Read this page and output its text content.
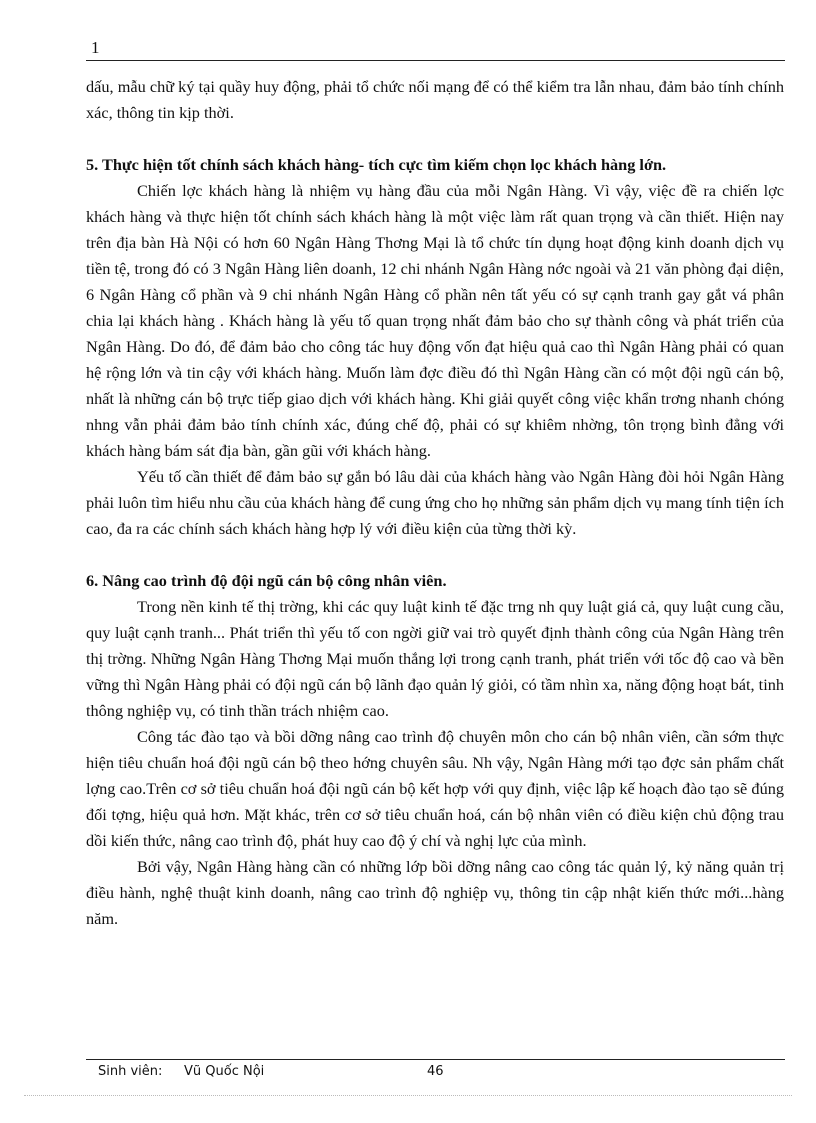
1

dấu, mẫu chữ ký tại quầy huy động, phải tổ chức nối mạng để có thể kiểm tra lẫn nhau, đảm bảo tính chính xác, thông tin kịp thời.

5. Thực hiện tốt chính sách khách hàng- tích cực tìm kiếm chọn lọc khách hàng lớn.

Chiến lợc khách hàng là nhiệm vụ hàng đầu của mỗi Ngân Hàng. Vì vậy, việc đề ra chiến lợc khách hàng và thực hiện tốt chính sách khách hàng là một việc làm rất quan trọng và cần thiết. Hiện nay trên địa bàn Hà Nội có hơn 60 Ngân Hàng Thơng Mại là tổ chức tín dụng hoạt động kinh doanh dịch vụ tiền tệ, trong đó có 3 Ngân Hàng liên doanh, 12 chi nhánh Ngân Hàng nớc ngoài và 21 văn phòng đại diện, 6 Ngân Hàng cổ phần và 9 chi nhánh Ngân Hàng cổ phần nên tất yếu có sự cạnh tranh gay gắt vá phân chia lại khách hàng . Khách hàng là yếu tố quan trọng nhất đảm bảo cho sự thành công và phát triển của Ngân Hàng. Do đó, để đảm bảo cho công tác huy động vốn đạt hiệu quả cao thì Ngân Hàng phải có quan hệ rộng lớn và tin cậy với khách hàng. Muốn làm đợc điều đó thì Ngân Hàng cần có một đội ngũ cán bộ, nhất là những cán bộ trực tiếp giao dịch với khách hàng. Khi giải quyết công việc khẩn trơng nhanh chóng nhng vẫn phải đảm bảo tính chính xác, đúng chế độ, phải có sự khiêm nhờng, tôn trọng bình đẳng với khách hàng bám sát địa bàn, gần gũi với khách hàng.

Yếu tố cần thiết để đảm bảo sự gắn bó lâu dài của khách hàng vào Ngân Hàng đòi hỏi Ngân Hàng phải luôn tìm hiểu nhu cầu của khách hàng để cung ứng cho họ những sản phẩm dịch vụ mang tính tiện ích cao, đa ra các chính sách khách hàng hợp lý với điều kiện của từng thời kỳ.

6. Nâng cao trình độ đội ngũ cán bộ công nhân viên.

Trong nền kinh tế thị trờng, khi các quy luật kinh tế đặc trng nh quy luật giá cả, quy luật cung cầu, quy luật cạnh tranh... Phát triển thì yếu tố con ngời giữ vai trò quyết định thành công của Ngân Hàng trên thị trờng. Những Ngân Hàng Thơng Mại muốn thắng lợi trong cạnh tranh, phát triển với tốc độ cao và bền vững thì Ngân Hàng phải có đội ngũ cán bộ lãnh đạo quản lý giỏi, có tầm nhìn xa, năng động hoạt bát, tinh thông nghiệp vụ, có tinh thần trách nhiệm cao.

Công tác đào tạo và bồi dỡng nâng cao trình độ chuyên môn cho cán bộ nhân viên, cần sớm thực hiện tiêu chuẩn hoá đội ngũ cán bộ theo hớng chuyên sâu. Nh vậy, Ngân Hàng mới tạo đợc sản phẩm chất lợng cao.Trên cơ sở tiêu chuẩn hoá đội ngũ cán bộ kết hợp với quy định, việc lập kế hoạch đào tạo sẽ đúng đối tợng, hiệu quả hơn. Mặt khác, trên cơ sở tiêu chuẩn hoá, cán bộ nhân viên có điều kiện chủ động trau dồi kiến thức, nâng cao trình độ, phát huy cao độ ý chí và nghị lực của mình.

Bởi vậy, Ngân Hàng hàng cần có những lớp bồi dỡng nâng cao công tác quản lý, kỷ năng quản trị điều hành, nghệ thuật kinh doanh, nâng cao trình độ nghiệp vụ, thông tin cập nhật kiến thức mới...hàng năm.

Sinh viên: Vũ Quốc Nội	46
